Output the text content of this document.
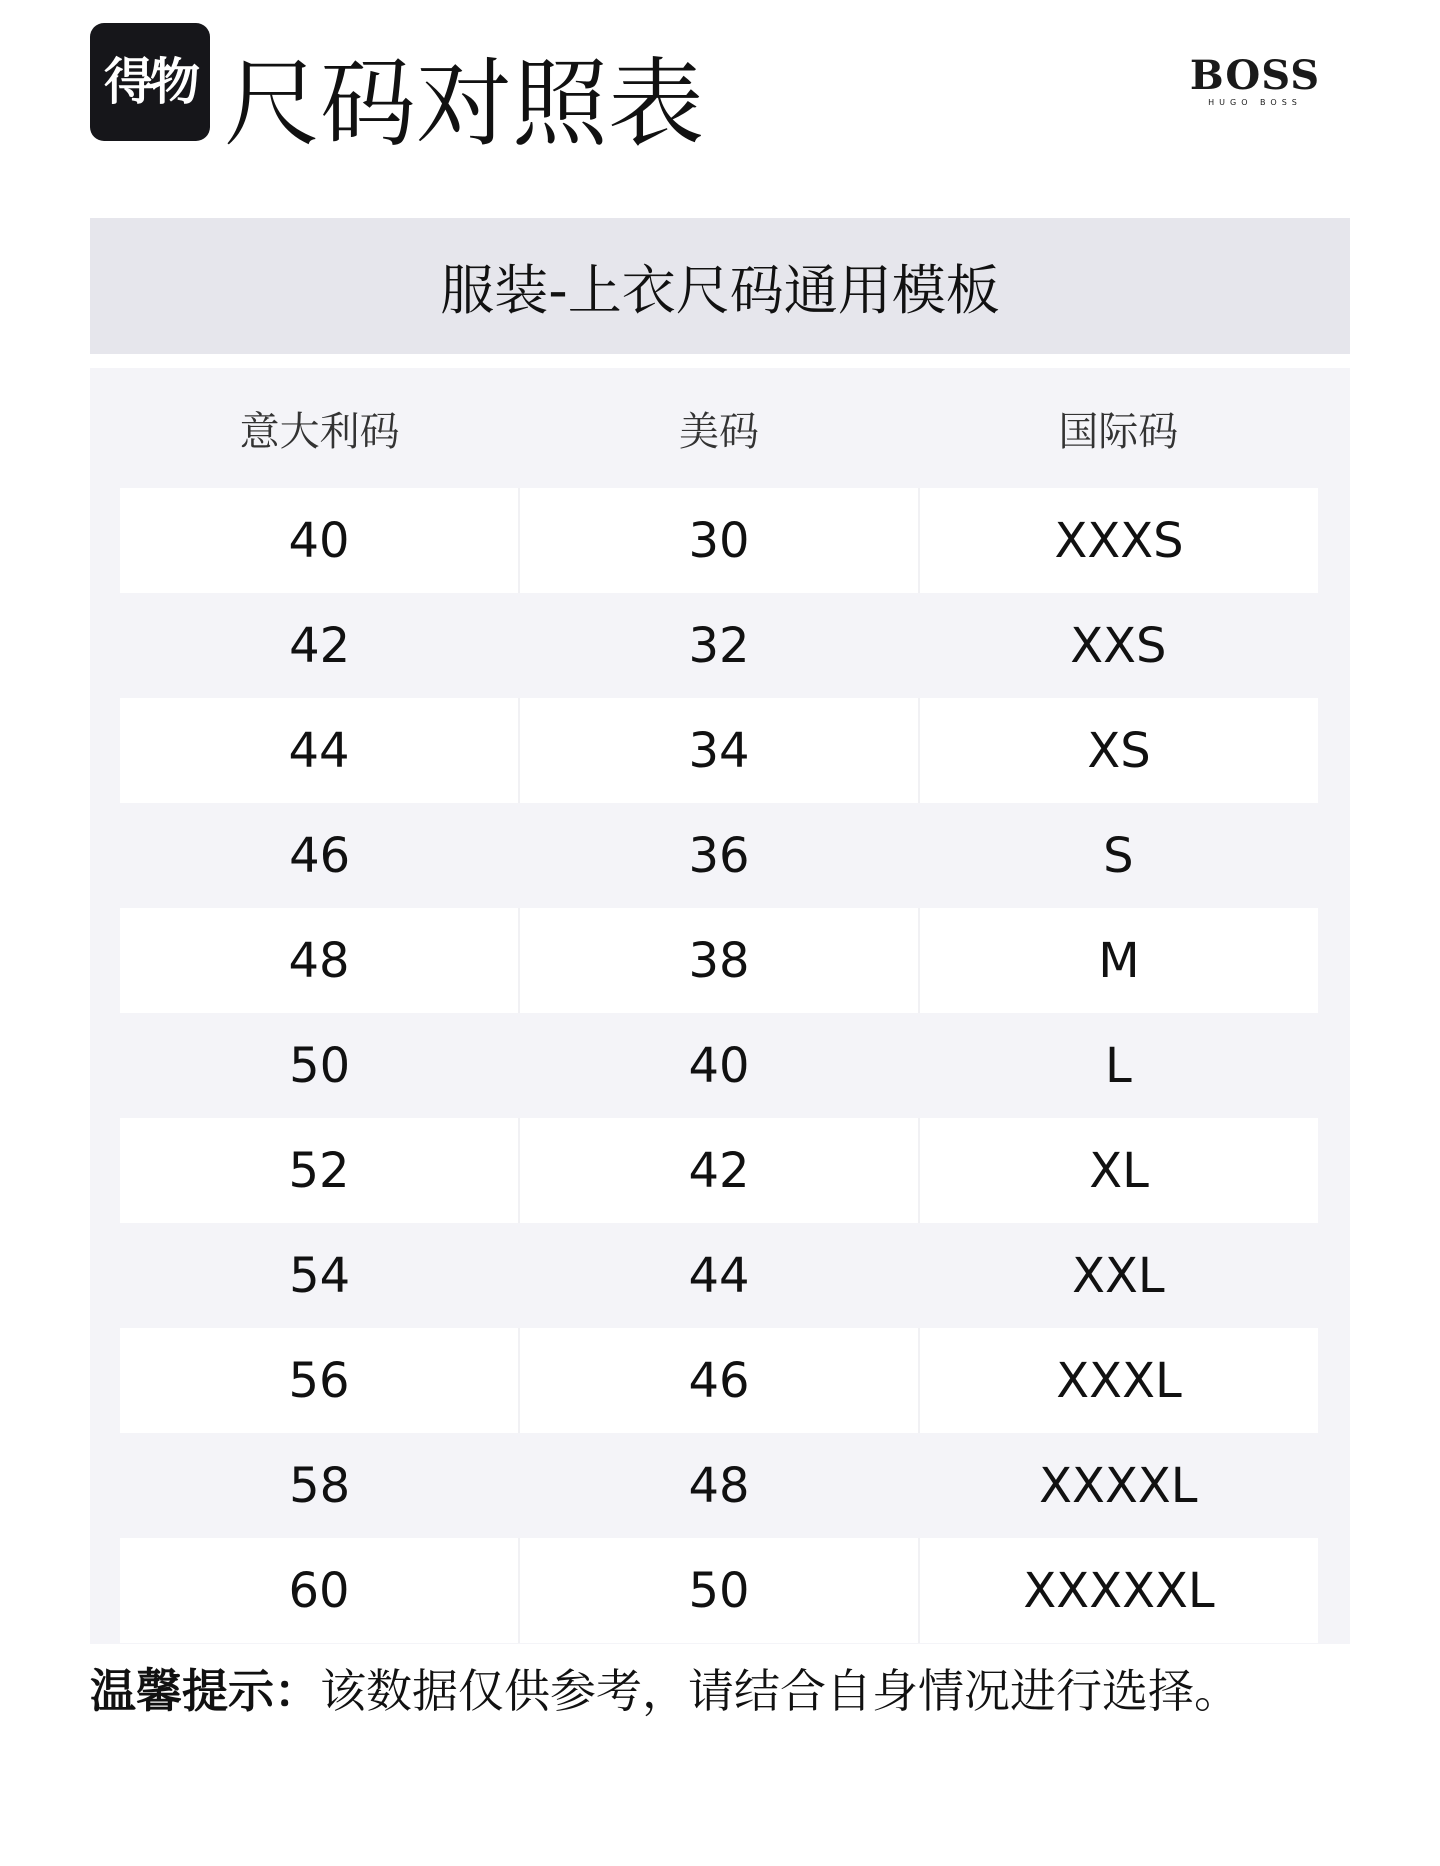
得物 尺码对照表	BOSS
HUGO BOSS
服装-上衣尺码通用模板
意大利码	美码	国际码
40	30	XXXS
42	32	XXS
44	34	XS
46	36	S
48	38	M
50	40	L
52	42	XL
54	44	XXL
56	46	XXXL
58	48	XXXXL
60	50	XXXXXL
温馨提示：该数据仅供参考，请结合自身情况进行选择。
